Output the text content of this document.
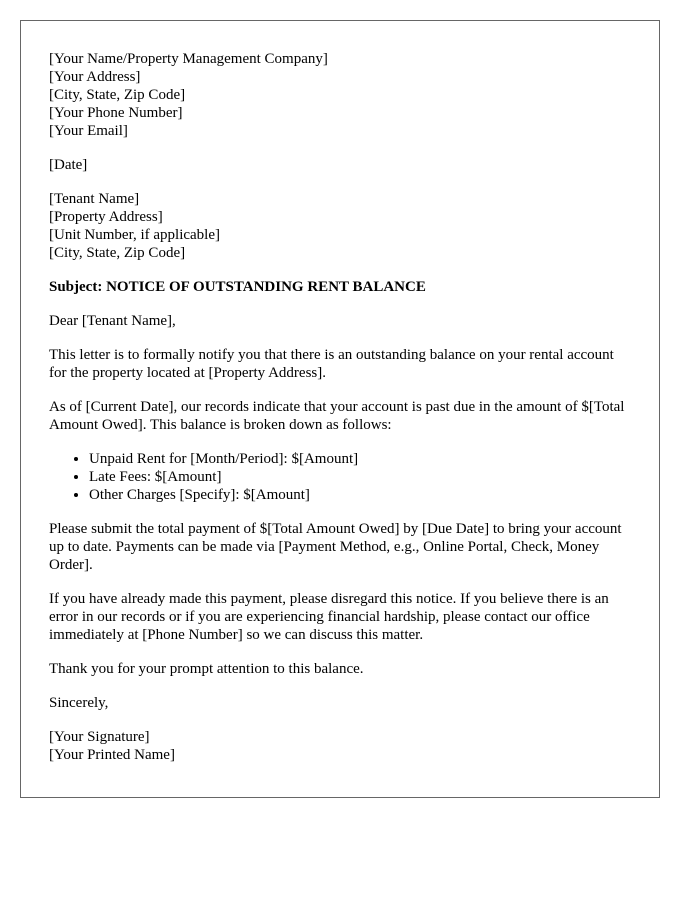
[Your Name/Property Management Company]
[Your Address]
[City, State, Zip Code]
[Your Phone Number]
[Your Email]
[Date]
[Tenant Name]
[Property Address]
[Unit Number, if applicable]
[City, State, Zip Code]

Subject: NOTICE OF OUTSTANDING RENT BALANCE

Dear [Tenant Name],

This letter is to formally notify you that there is an outstanding balance on your rental account for the property located at [Property Address].

As of [Current Date], our records indicate that your account is past due in the amount of $[Total Amount Owed]. This balance is broken down as follows:

• Unpaid Rent for [Month/Period]: $[Amount]
• Late Fees: $[Amount]
• Other Charges [Specify]: $[Amount]

Please submit the total payment of $[Total Amount Owed] by [Due Date] to bring your account up to date. Payments can be made via [Payment Method, e.g., Online Portal, Check, Money Order].

If you have already made this payment, please disregard this notice. If you believe there is an error in our records or if you are experiencing financial hardship, please contact our office immediately at [Phone Number] so we can discuss this matter.

Thank you for your prompt attention to this balance.

Sincerely,

[Your Signature]
[Your Printed Name]
